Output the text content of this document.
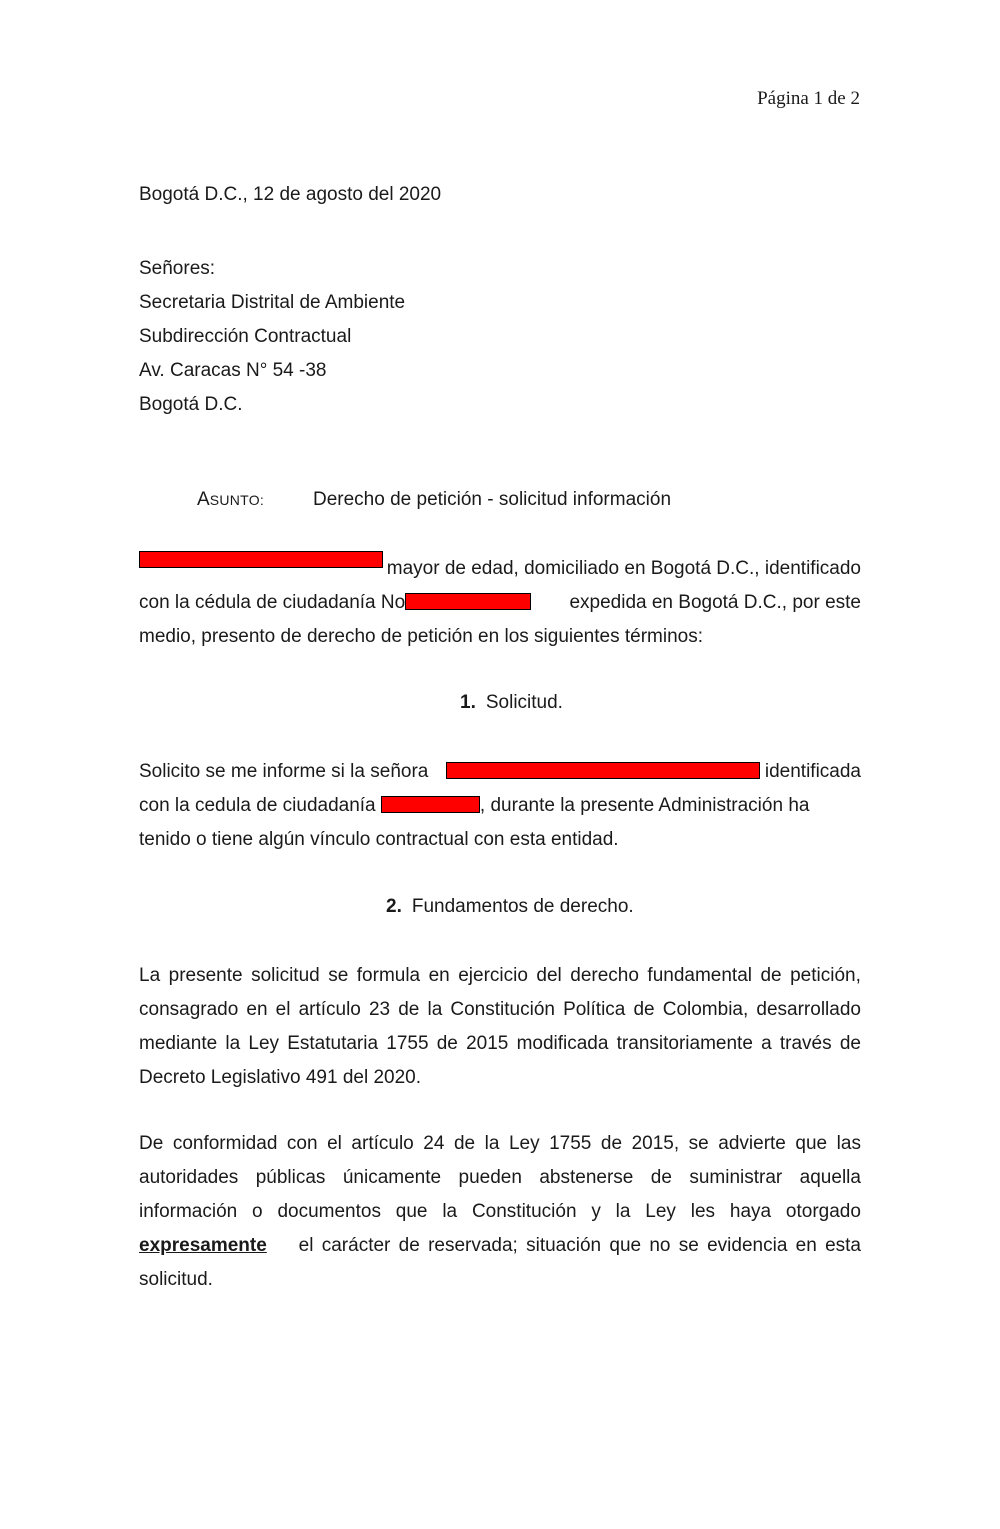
Página 1 de 2
Bogotá D.C., 12 de agosto del 2020
Señores:
Secretaria Distrital de Ambiente
Subdirección Contractual
Av. Caracas N° 54 -38
Bogotá D.C.
ASUNTO:	Derecho de petición - solicitud información
mayor de edad, domiciliado en Bogotá D.C., identificado
con la cédula de ciudadanía No	expedida en Bogotá D.C., por este
medio, presento de derecho de petición en los siguientes términos:
1. Solicitud.
Solicito se me informe si la señora	identificada
con la cedula de ciudadanía	, durante la presente Administración ha
tenido o tiene algún vínculo contractual con esta entidad.
2. Fundamentos de derecho.
La presente solicitud se formula en ejercicio del derecho fundamental de petición,
consagrado en el artículo 23 de la Constitución Política de Colombia, desarrollado
mediante la Ley Estatutaria 1755 de 2015 modificada transitoriamente a través de
Decreto Legislativo 491 del 2020.
De conformidad con el artículo 24 de la Ley 1755 de 2015, se advierte que las
autoridades públicas únicamente pueden abstenerse de suministrar aquella
información o documentos que la Constitución y la Ley les haya otorgado
expresamente el carácter de reservada; situación que no se evidencia en esta
solicitud.
